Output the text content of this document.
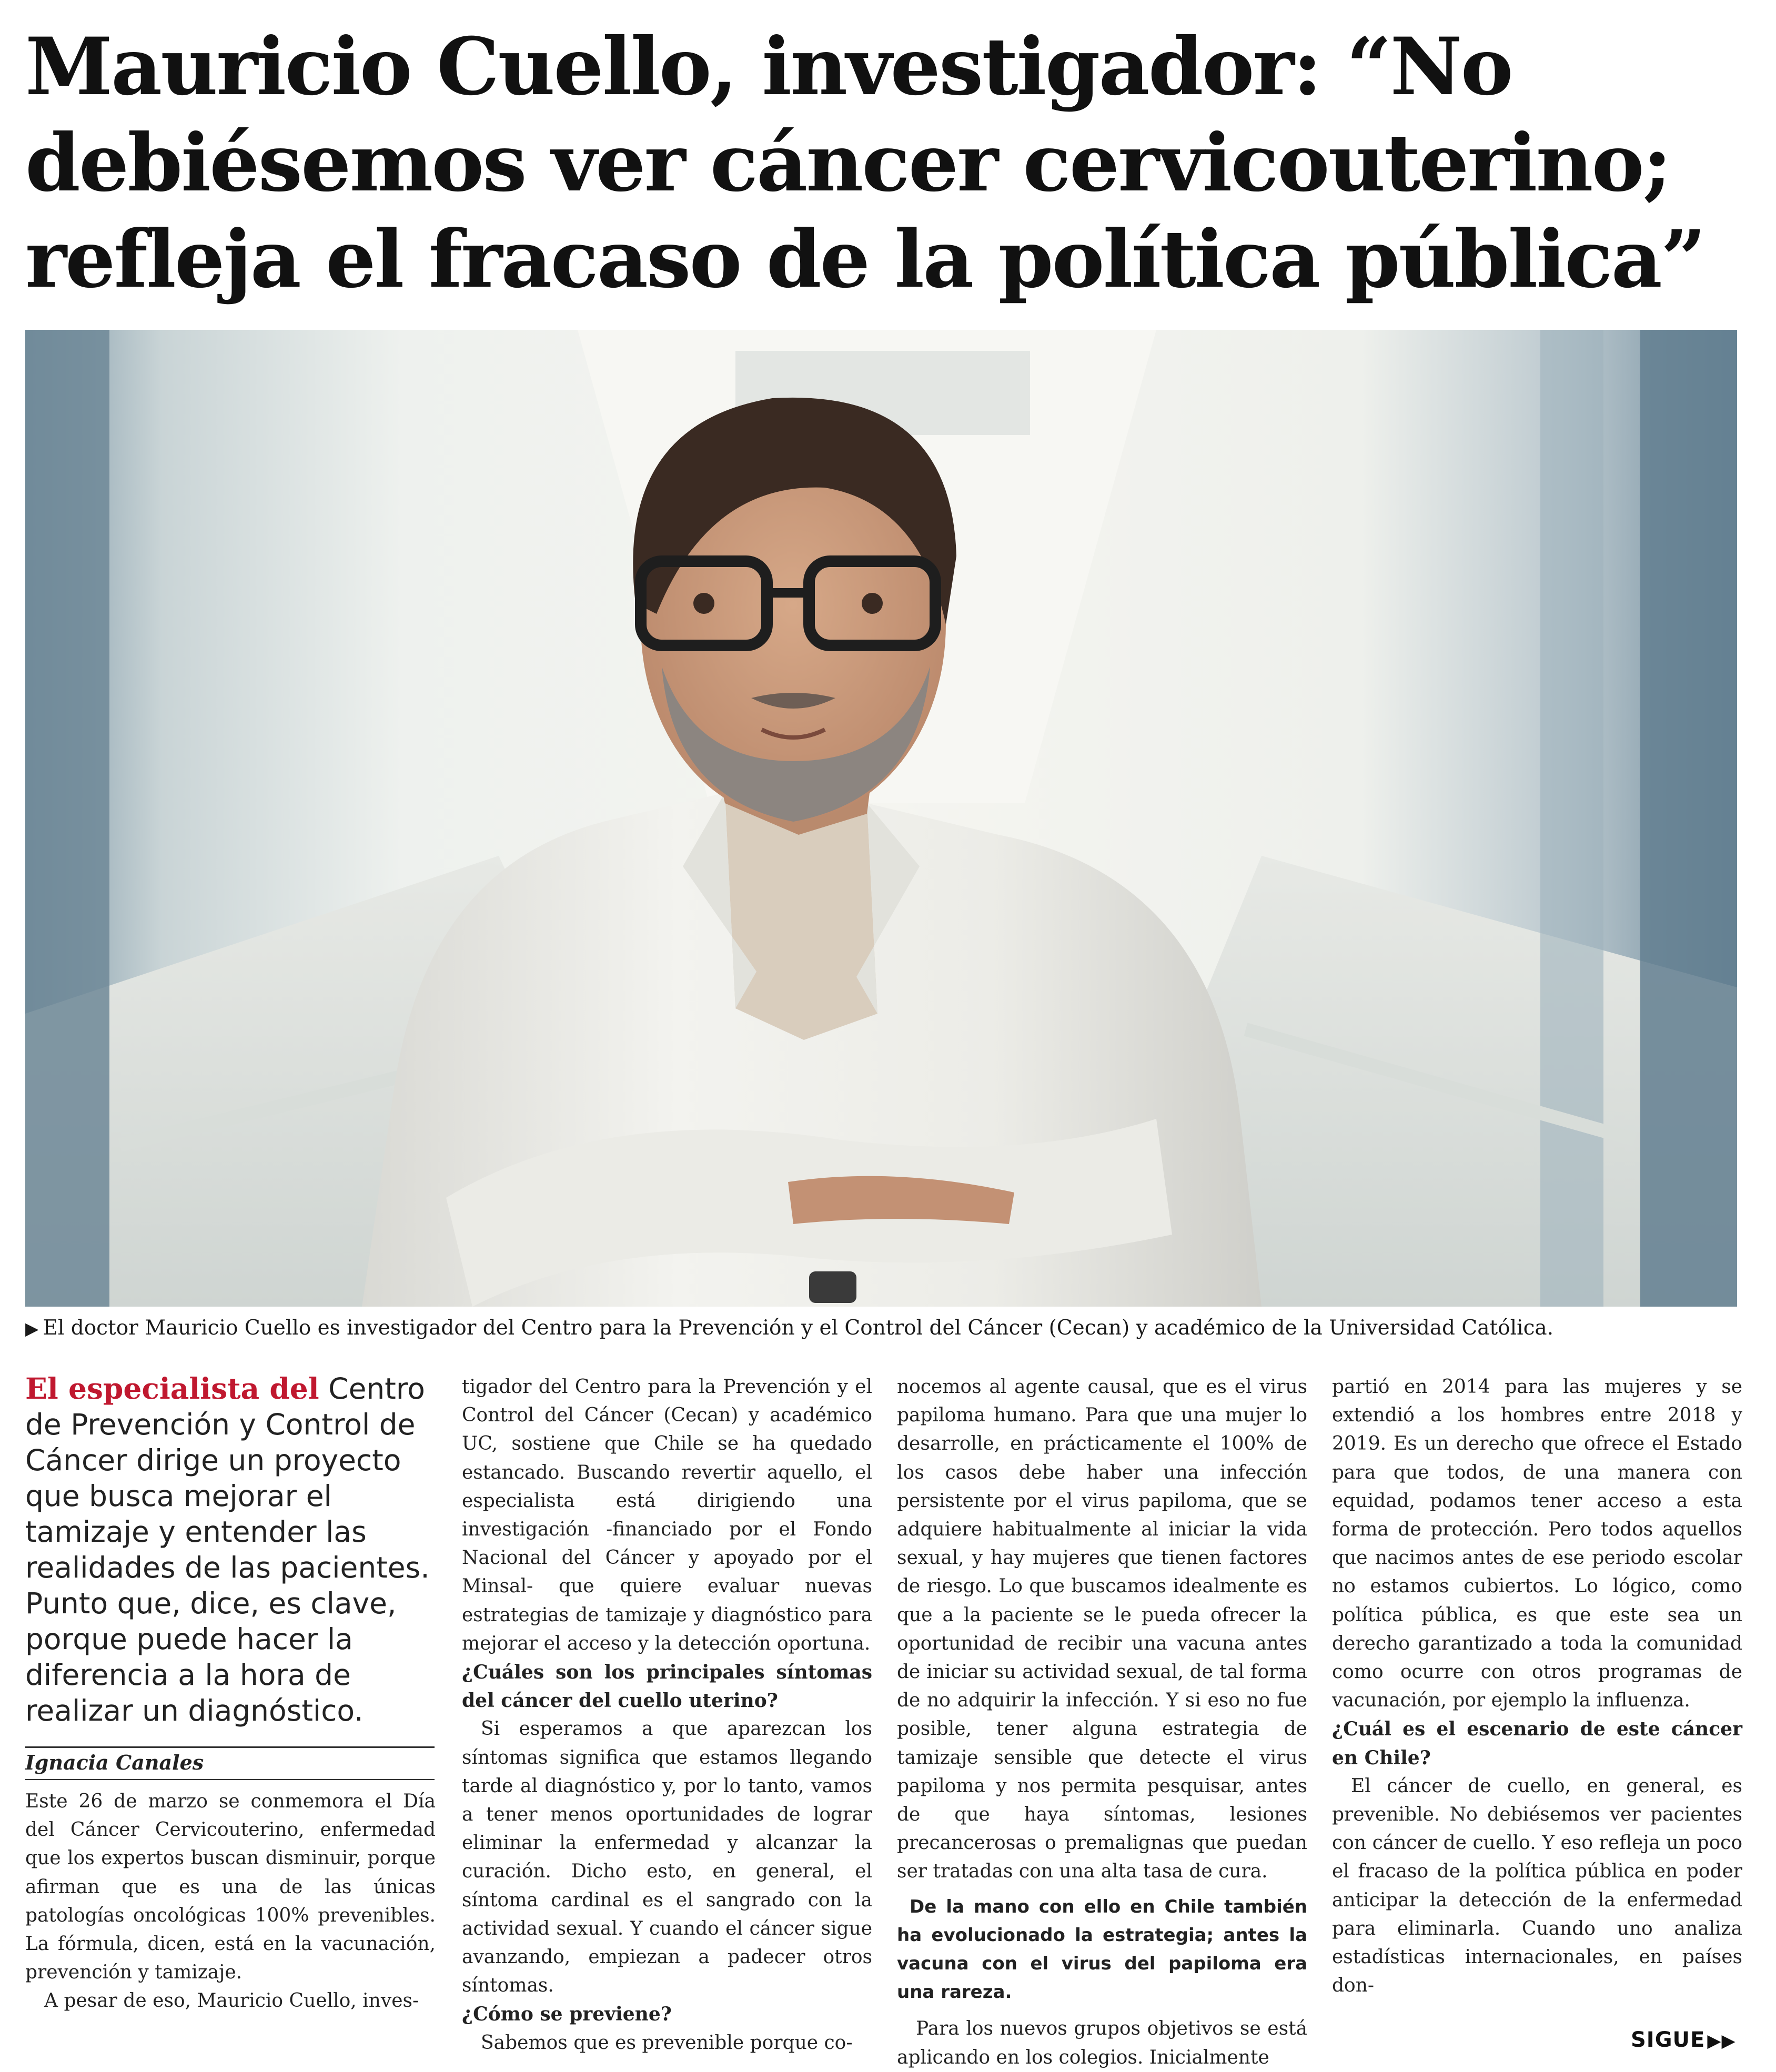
Mauricio Cuello, investigador: “No
debiésemos ver cáncer cervicouterino;
refleja el fracaso de la política pública”

▶ El doctor Mauricio Cuello es investigador del Centro para la Prevención y el Control del Cáncer (Cecan) y académico de la Universidad Católica.

El especialista del Centro de Prevención y Control de Cáncer dirige un proyecto que busca mejorar el tamizaje y entender las realidades de las pacientes. Punto que, dice, es clave, porque puede hacer la diferencia a la hora de realizar un diagnóstico.

Ignacia Canales

Este 26 de marzo se conmemora el Día del Cáncer Cervicouterino, enfermedad que los expertos buscan disminuir, porque afirman que es una de las únicas patologías oncológicas 100% prevenibles. La fórmula, dicen, está en la vacunación, prevención y tamizaje.

A pesar de eso, Mauricio Cuello, inves-

tigador del Centro para la Prevención y el Control del Cáncer (Cecan) y académico UC, sostiene que Chile se ha quedado estancado. Buscando revertir aquello, el especialista está dirigiendo una investigación -financiado por el Fondo Nacional del Cáncer y apoyado por el Minsal- que quiere evaluar nuevas estrategias de tamizaje y diagnóstico para mejorar el acceso y la detección oportuna.

¿Cuáles son los principales síntomas del cáncer del cuello uterino?

Si esperamos a que aparezcan los síntomas significa que estamos llegando tarde al diagnóstico y, por lo tanto, vamos a tener menos oportunidades de lograr eliminar la enfermedad y alcanzar la curación. Dicho esto, en general, el síntoma cardinal es el sangrado con la actividad sexual. Y cuando el cáncer sigue avanzando, empiezan a padecer otros síntomas.

¿Cómo se previene?

Sabemos que es prevenible porque co-

nocemos al agente causal, que es el virus papiloma humano. Para que una mujer lo desarrolle, en prácticamente el 100% de los casos debe haber una infección persistente por el virus papiloma, que se adquiere habitualmente al iniciar la vida sexual, y hay mujeres que tienen factores de riesgo. Lo que buscamos idealmente es que a la paciente se le pueda ofrecer la oportunidad de recibir una vacuna antes de iniciar su actividad sexual, de tal forma de no adquirir la infección. Y si eso no fue posible, tener alguna estrategia de tamizaje sensible que detecte el virus papiloma y nos permita pesquisar, antes de que haya síntomas, lesiones precancerosas o premalignas que puedan ser tratadas con una alta tasa de cura.

De la mano con ello en Chile también ha evolucionado la estrategia; antes la vacuna con el virus del papiloma era una rareza.

Para los nuevos grupos objetivos se está aplicando en los colegios. Inicialmente

partió en 2014 para las mujeres y se extendió a los hombres entre 2018 y 2019. Es un derecho que ofrece el Estado para que todos, de una manera con equidad, podamos tener acceso a esta forma de protección. Pero todos aquellos que nacimos antes de ese periodo escolar no estamos cubiertos. Lo lógico, como política pública, es que este sea un derecho garantizado a toda la comunidad como ocurre con otros programas de vacunación, por ejemplo la influenza.

¿Cuál es el escenario de este cáncer en Chile?

El cáncer de cuello, en general, es prevenible. No debiésemos ver pacientes con cáncer de cuello. Y eso refleja un poco el fracaso de la política pública en poder anticipar la detección de la enfermedad para eliminarla. Cuando uno analiza estadísticas internacionales, en países don-

SIGUE ▶▶
